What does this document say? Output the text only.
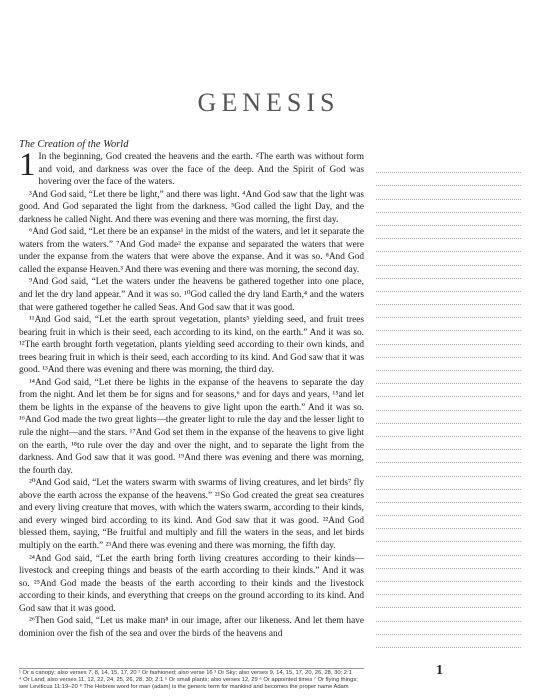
GENESIS
The Creation of the World

1 In the beginning, God created the heavens and the earth. ²The earth was without form and void, and darkness was over the face of the deep. And the Spirit of God was hovering over the face of the waters.

³And God said, “Let there be light,” and there was light. ⁴And God saw that the light was good. And God separated the light from the darkness. ⁵God called the light Day, and the darkness he called Night. And there was evening and there was morning, the first day.

⁶And God said, “Let there be an expanse¹ in the midst of the waters, and let it separate the waters from the waters.” ⁷And God made² the expanse and separated the waters that were under the expanse from the waters that were above the expanse. And it was so. ⁸And God called the expanse Heaven.³ And there was evening and there was morning, the second day.

⁹And God said, “Let the waters under the heavens be gathered together into one place, and let the dry land appear.” And it was so. ¹⁰God called the dry land Earth,⁴ and the waters that were gathered together he called Seas. And God saw that it was good.

¹¹And God said, “Let the earth sprout vegetation, plants⁵ yielding seed, and fruit trees bearing fruit in which is their seed, each according to its kind, on the earth.” And it was so. ¹²The earth brought forth vegetation, plants yielding seed according to their own kinds, and trees bearing fruit in which is their seed, each according to its kind. And God saw that it was good. ¹³And there was evening and there was morning, the third day.

¹⁴And God said, “Let there be lights in the expanse of the heavens to separate the day from the night. And let them be for signs and for seasons,⁶ and for days and years, ¹⁵and let them be lights in the expanse of the heavens to give light upon the earth.” And it was so. ¹⁶And God made the two great lights—the greater light to rule the day and the lesser light to rule the night—and the stars. ¹⁷And God set them in the expanse of the heavens to give light on the earth, ¹⁸to rule over the day and over the night, and to separate the light from the darkness. And God saw that it was good. ¹⁹And there was evening and there was morning, the fourth day.

²⁰And God said, “Let the waters swarm with swarms of living creatures, and let birds⁷ fly above the earth across the expanse of the heavens.” ²¹So God created the great sea creatures and every living creature that moves, with which the waters swarm, according to their kinds, and every winged bird according to its kind. And God saw that it was good. ²²And God blessed them, saying, “Be fruitful and multiply and fill the waters in the seas, and let birds multiply on the earth.” ²³And there was evening and there was morning, the fifth day.

²⁴And God said, “Let the earth bring forth living creatures according to their kinds—livestock and creeping things and beasts of the earth according to their kinds.” And it was so. ²⁵And God made the beasts of the earth according to their kinds and the livestock according to their kinds, and everything that creeps on the ground according to its kind. And God saw that it was good.

²⁶Then God said, “Let us make man⁸ in our image, after our likeness. And let them have dominion over the fish of the sea and over the birds of the heavens and

¹ Or a canopy; also verses 7, 8, 14, 15, 17, 20 ² Or fashioned; also verse 16 ³ Or Sky; also verses 9, 14, 15, 17, 20, 26, 28, 30; 2:1
⁴ Or Land; also verses 11, 12, 22, 24, 25, 26, 28, 30; 2:1 ⁵ Or small plants; also verses 12, 29 ⁶ Or appointed times ⁷ Or flying things;
see Leviticus 11:19–20 ⁸ The Hebrew word for man (adam) is the generic term for mankind and becomes the proper name Adam
1
